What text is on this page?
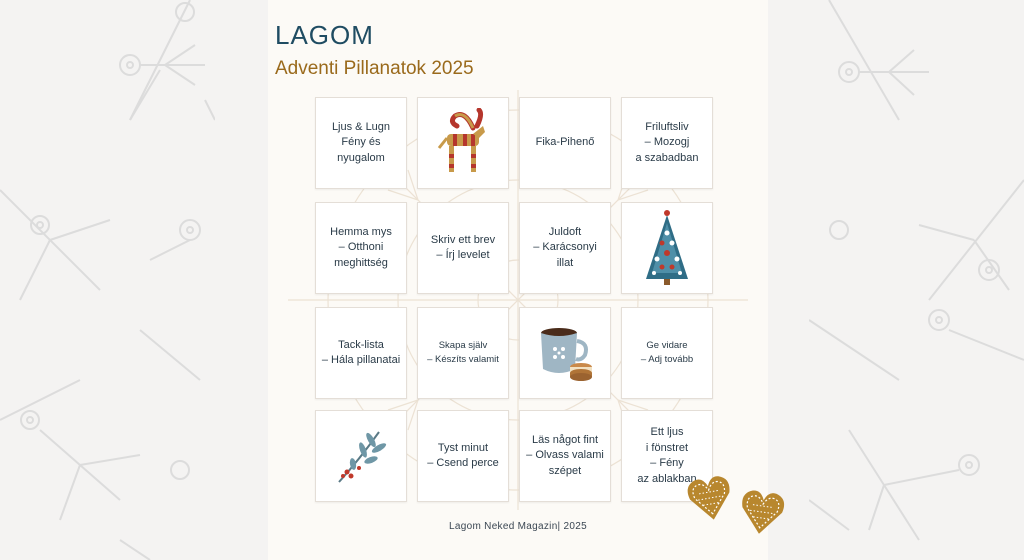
LAGOM
Adventi Pillanatok 2025
Ljus & Lugn
Fény és
nyugalom
Fika-Pihenő
Friluftsliv
– Mozogj
a szabadban
Hemma mys
– Otthoni
meghittség
Skriv ett brev
– Írj levelet
Juldoft
– Karácsonyi
illat
Tack-lista
– Hála pillanatai
Skapa själv
– Készíts valamit
Ge vidare
– Adj tovább
Tyst minut
– Csend perce
Läs något fint
– Olvass valami
szépet
Ett ljus
i fönstret
– Fény
az ablakban
Lagom Neked Magazin| 2025
